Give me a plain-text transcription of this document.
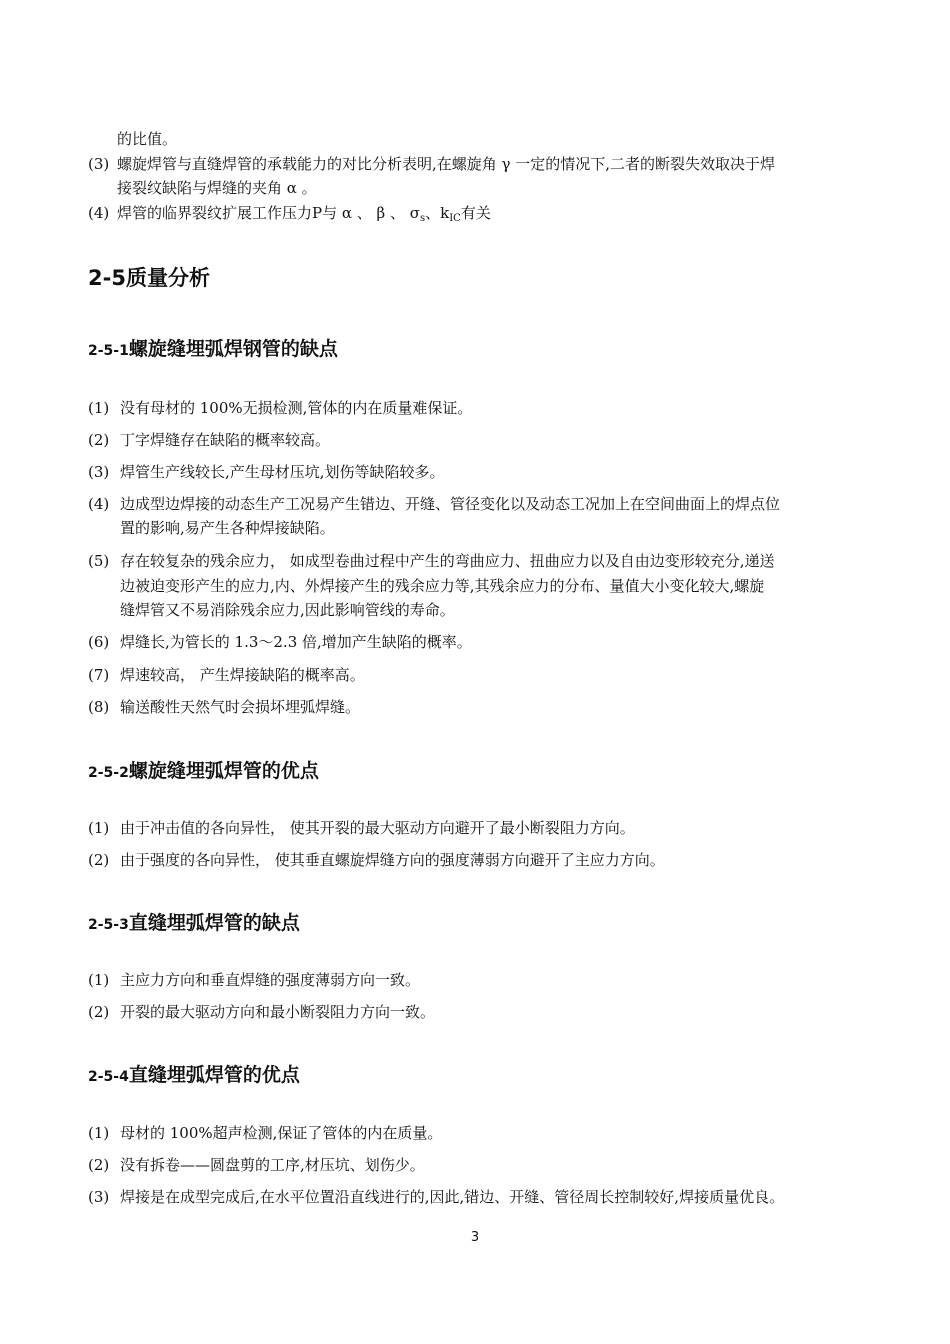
的比值。
(3) 螺旋焊管与直缝焊管的承载能力的对比分析表明,在螺旋角 γ 一定的情况下,二者的断裂失效取决于焊
接裂纹缺陷与焊缝的夹角 α 。
(4) 焊管的临界裂纹扩展工作压力P与 α 、 β 、 $\sigma_s$、$k_{IC}$有关
2-5质量分析
2-5-1螺旋缝埋弧焊钢管的缺点
(1) 没有母材的 100%无损检测,管体的内在质量难保证。
(2) 丁字焊缝存在缺陷的概率较高。
(3) 焊管生产线较长,产生母材压坑,划伤等缺陷较多。
(4) 边成型边焊接的动态生产工况易产生错边、开缝、管径变化以及动态工况加上在空间曲面上的焊点位
置的影响,易产生各种焊接缺陷。
(5) 存在较复杂的残余应力， 如成型卷曲过程中产生的弯曲应力、扭曲应力以及自由边变形较充分,递送
边被迫变形产生的应力,内、外焊接产生的残余应力等,其残余应力的分布、量值大小变化较大,螺旋
缝焊管又不易消除残余应力,因此影响管线的寿命。
(6) 焊缝长,为管长的 1.3～2.3 倍,增加产生缺陷的概率。
(7) 焊速较高， 产生焊接缺陷的概率高。
(8) 输送酸性天然气时会损坏埋弧焊缝。
2-5-2螺旋缝埋弧焊管的优点
(1) 由于冲击值的各向异性， 使其开裂的最大驱动方向避开了最小断裂阻力方向。
(2) 由于强度的各向异性， 使其垂直螺旋焊缝方向的强度薄弱方向避开了主应力方向。
2-5-3直缝埋弧焊管的缺点
(1) 主应力方向和垂直焊缝的强度薄弱方向一致。
(2) 开裂的最大驱动方向和最小断裂阻力方向一致。
2-5-4直缝埋弧焊管的优点
(1) 母材的 100%超声检测,保证了管体的内在质量。
(2) 没有拆卷——圆盘剪的工序,材压坑、划伤少。
(3) 焊接是在成型完成后,在水平位置沿直线进行的,因此,错边、开缝、管径周长控制较好,焊接质量优良。
3
